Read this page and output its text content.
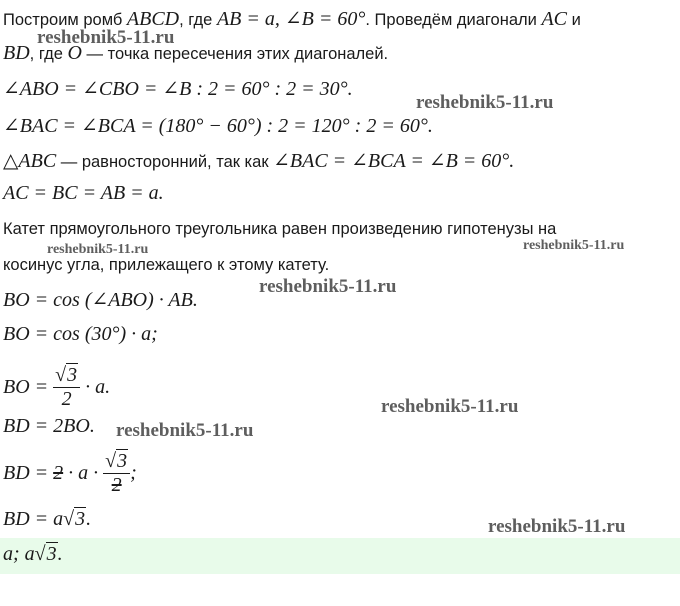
Построим ромб ABCD, где AB = a, ∠B = 60°. Проведём диагонали AC и
BD, где O — точка пересечения этих диагоналей.
∠ABO = ∠CBO = ∠B : 2 = 60° : 2 = 30°.
∠BAC = ∠BCA = (180° − 60°) : 2 = 120° : 2 = 60°.
△ABC — равносторонний, так как ∠BAC = ∠BCA = ∠B = 60°.
AC = BC = AB = a.
Катет прямоугольного треугольника равен произведению гипотенузы на
косинус угла, прилежащего к этому катету.
BO = cos (∠ABO) · AB.
BO = cos (30°) · a;
BO = $\frac{√3}{2} \cdot a$.
BD = 2BO.
BD = $2 \cdot a \cdot \frac{√3}{2}$ ;
BD = a√3.
a; a√3.
reshebnik5-11.ru
reshebnik5-11.ru
reshebnik5-11.ru	reshebnik5-11.ru
reshebnik5-11.ru
reshebnik5-11.ru
reshebnik5-11.ru
reshebnik5-11.ru
